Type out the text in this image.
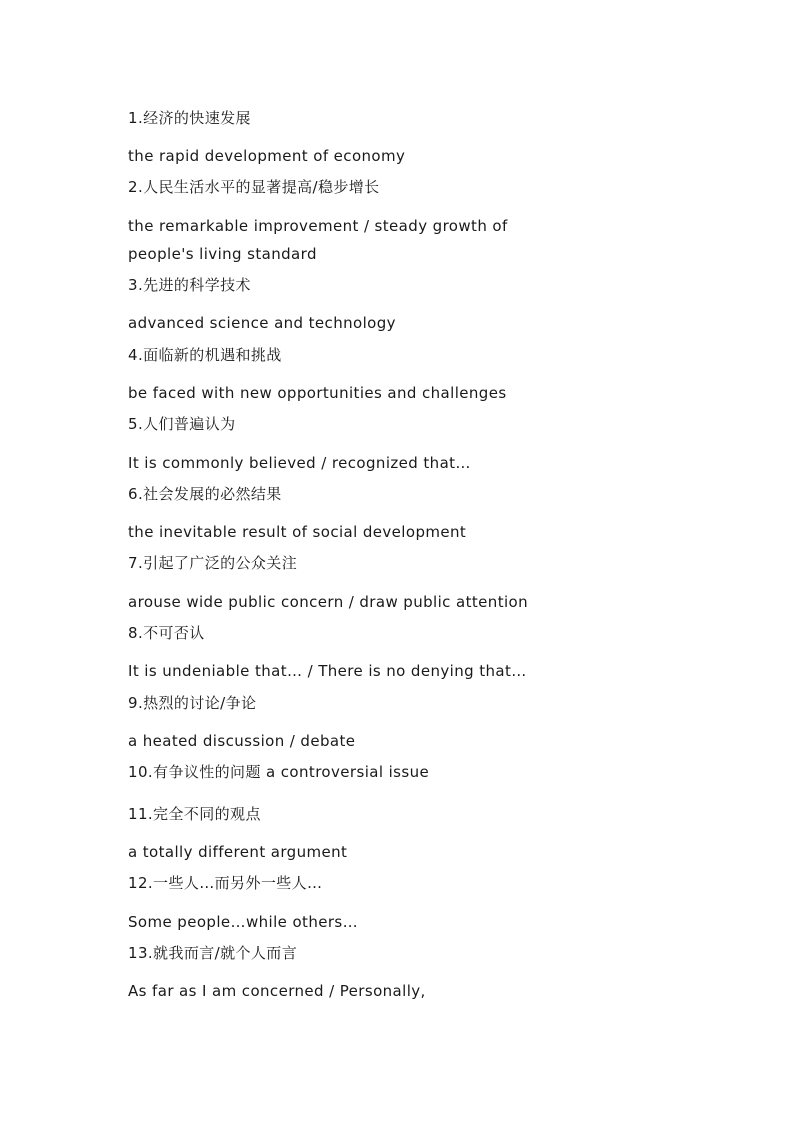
1.经济的快速发展

the rapid development of economy

2.人民生活水平的显著提高/稳步增长

the remarkable improvement / steady growth of

people's living standard

3.先进的科学技术

advanced science and technology

4.面临新的机遇和挑战

be faced with new opportunities and challenges

5.人们普遍认为

It is commonly believed / recognized that…

6.社会发展的必然结果

the inevitable result of social development

7.引起了广泛的公众关注

arouse wide public concern / draw public attention

8.不可否认

It is undeniable that… / There is no denying that…

9.热烈的讨论/争论

a heated discussion / debate

10.有争议性的问题 a controversial issue

11.完全不同的观点

a totally different argument

12.一些人…而另外一些人…

Some people…while others…

13.就我而言/就个人而言

As far as I am concerned / Personally,
